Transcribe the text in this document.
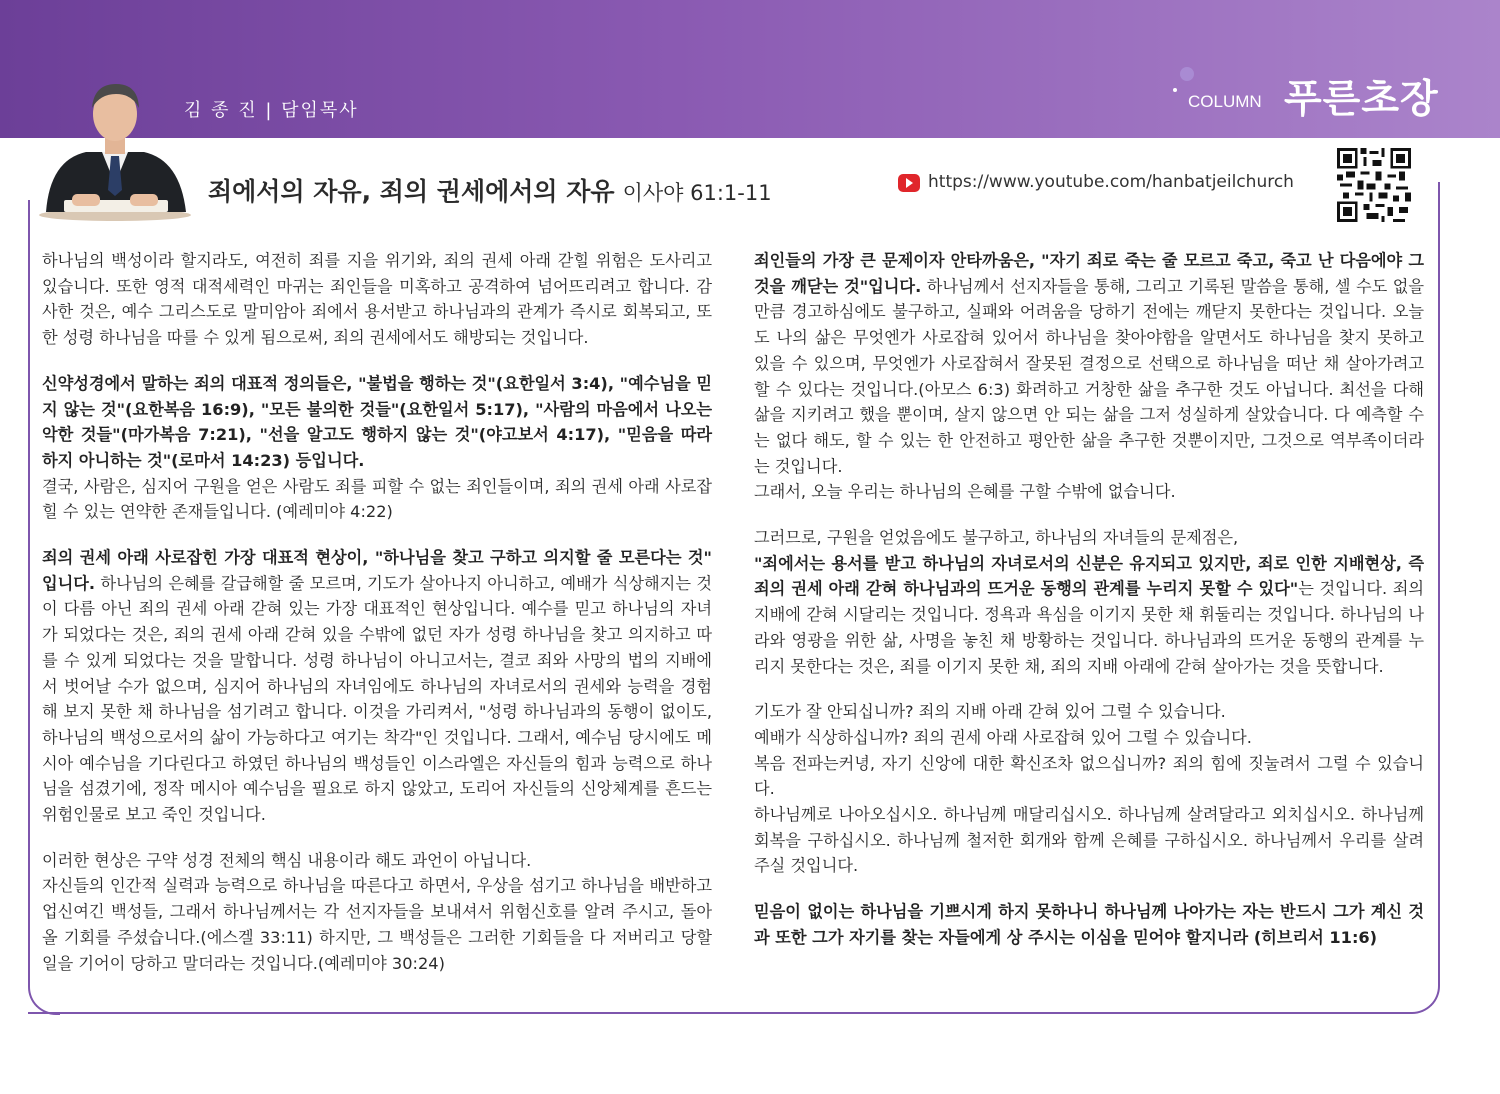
김 종 진 | 담임목사	COLUMN 푸른초장
죄에서의 자유, 죄의 권세에서의 자유 이사야 61:1-11	https://www.youtube.com/hanbatjeilchurch

하나님의 백성이라 할지라도, 여전히 죄를 지을 위기와, 죄의 권세 아래 갇힐 위험은 도사리고 있습니다. 또한 영적 대적세력인 마귀는 죄인들을 미혹하고 공격하여 넘어뜨리려고 합니다. 감사한 것은, 예수 그리스도로 말미암아 죄에서 용서받고 하나님과의 관계가 즉시로 회복되고, 또한 성령 하나님을 따를 수 있게 됨으로써, 죄의 권세에서도 해방되는 것입니다.

신약성경에서 말하는 죄의 대표적 정의들은, "불법을 행하는 것"(요한일서 3:4), "예수님을 믿지 않는 것"(요한복음 16:9), "모든 불의한 것들"(요한일서 5:17), "사람의 마음에서 나오는 악한 것들"(마가복음 7:21), "선을 알고도 행하지 않는 것"(야고보서 4:17), "믿음을 따라 하지 아니하는 것"(로마서 14:23) 등입니다.
결국, 사람은, 심지어 구원을 얻은 사람도 죄를 피할 수 없는 죄인들이며, 죄의 권세 아래 사로잡힐 수 있는 연약한 존재들입니다. (예레미야 4:22)

죄의 권세 아래 사로잡힌 가장 대표적 현상이, "하나님을 찾고 구하고 의지할 줄 모른다는 것" 입니다. 하나님의 은혜를 갈급해할 줄 모르며, 기도가 살아나지 아니하고, 예배가 식상해지는 것이 다름 아닌 죄의 권세 아래 갇혀 있는 가장 대표적인 현상입니다. 예수를 믿고 하나님의 자녀가 되었다는 것은, 죄의 권세 아래 갇혀 있을 수밖에 없던 자가 성령 하나님을 찾고 의지하고 따를 수 있게 되었다는 것을 말합니다. 성령 하나님이 아니고서는, 결코 죄와 사망의 법의 지배에서 벗어날 수가 없으며, 심지어 하나님의 자녀임에도 하나님의 자녀로서의 권세와 능력을 경험해 보지 못한 채 하나님을 섬기려고 합니다. 이것을 가리켜서, "성령 하나님과의 동행이 없이도, 하나님의 백성으로서의 삶이 가능하다고 여기는 착각"인 것입니다. 그래서, 예수님 당시에도 메시아 예수님을 기다린다고 하였던 하나님의 백성들인 이스라엘은 자신들의 힘과 능력으로 하나님을 섬겼기에, 정작 메시아 예수님을 필요로 하지 않았고, 도리어 자신들의 신앙체계를 흔드는 위험인물로 보고 죽인 것입니다.

이러한 현상은 구약 성경 전체의 핵심 내용이라 해도 과언이 아닙니다.
자신들의 인간적 실력과 능력으로 하나님을 따른다고 하면서, 우상을 섬기고 하나님을 배반하고 업신여긴 백성들, 그래서 하나님께서는 각 선지자들을 보내셔서 위험신호를 알려 주시고, 돌아올 기회를 주셨습니다.(에스겔 33:11) 하지만, 그 백성들은 그러한 기회들을 다 저버리고 당할 일을 기어이 당하고 말더라는 것입니다.(예레미야 30:24)

죄인들의 가장 큰 문제이자 안타까움은, "자기 죄로 죽는 줄 모르고 죽고, 죽고 난 다음에야 그것을 깨닫는 것"입니다. 하나님께서 선지자들을 통해, 그리고 기록된 말씀을 통해, 셀 수도 없을 만큼 경고하심에도 불구하고, 실패와 어려움을 당하기 전에는 깨닫지 못한다는 것입니다. 오늘도 나의 삶은 무엇엔가 사로잡혀 있어서 하나님을 찾아야함을 알면서도 하나님을 찾지 못하고 있을 수 있으며, 무엇엔가 사로잡혀서 잘못된 결정으로 선택으로 하나님을 떠난 채 살아가려고 할 수 있다는 것입니다.(아모스 6:3) 화려하고 거창한 삶을 추구한 것도 아닙니다. 최선을 다해 삶을 지키려고 했을 뿐이며, 살지 않으면 안 되는 삶을 그저 성실하게 살았습니다. 다 예측할 수는 없다 해도, 할 수 있는 한 안전하고 평안한 삶을 추구한 것뿐이지만, 그것으로 역부족이더라는 것입니다.
그래서, 오늘 우리는 하나님의 은혜를 구할 수밖에 없습니다.

그러므로, 구원을 얻었음에도 불구하고, 하나님의 자녀들의 문제점은,
"죄에서는 용서를 받고 하나님의 자녀로서의 신분은 유지되고 있지만, 죄로 인한 지배현상, 즉 죄의 권세 아래 갇혀 하나님과의 뜨거운 동행의 관계를 누리지 못할 수 있다"는 것입니다. 죄의 지배에 갇혀 시달리는 것입니다. 정욕과 욕심을 이기지 못한 채 휘둘리는 것입니다. 하나님의 나라와 영광을 위한 삶, 사명을 놓친 채 방황하는 것입니다. 하나님과의 뜨거운 동행의 관계를 누리지 못한다는 것은, 죄를 이기지 못한 채, 죄의 지배 아래에 갇혀 살아가는 것을 뜻합니다.

기도가 잘 안되십니까? 죄의 지배 아래 갇혀 있어 그럴 수 있습니다.
예배가 식상하십니까? 죄의 권세 아래 사로잡혀 있어 그럴 수 있습니다.
복음 전파는커녕, 자기 신앙에 대한 확신조차 없으십니까? 죄의 힘에 짓눌려서 그럴 수 있습니다.
하나님께로 나아오십시오. 하나님께 매달리십시오. 하나님께 살려달라고 외치십시오. 하나님께 회복을 구하십시오. 하나님께 철저한 회개와 함께 은혜를 구하십시오. 하나님께서 우리를 살려주실 것입니다.

믿음이 없이는 하나님을 기쁘시게 하지 못하나니 하나님께 나아가는 자는 반드시 그가 계신 것과 또한 그가 자기를 찾는 자들에게 상 주시는 이심을 믿어야 할지니라 (히브리서 11:6)
